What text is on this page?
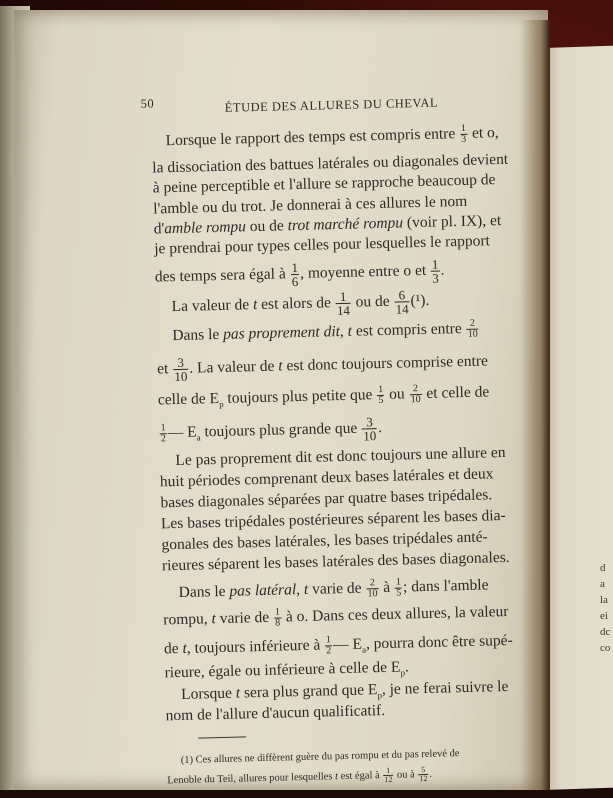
d
a
la
ei
dc
co
50	ÉTUDE DES ALLURES DU CHEVAL
Lorsque le rapport des temps est compris entre $\frac{1}{3}$ et o,
la dissociation des battues latérales ou diagonales devient
à peine perceptible et l'allure se rapproche beaucoup de
l'amble ou du trot. Je donnerai à ces allures le nom
d'amble rompu ou de trot marché rompu (voir pl. IX), et
je prendrai pour types celles pour lesquelles le rapport
des temps sera égal à $\frac{1}{6}$ , moyenne entre o et $\frac{1}{3}$ .
La valeur de t est alors de $\frac{1}{14}$ ou de $\frac{6}{14} (^1)$.
Dans le pas proprement dit, t est compris entre $\frac{2}{10}$
et $\frac{3}{10}$ . La valeur de t est donc toujours comprise entre
celle de $E_p$ toujours plus petite que $\frac{1}{5}$ ou $\frac{2}{10}$ et celle de
$\frac{1}{2}$ — $E_a$ toujours plus grande que $\frac{3}{10}$ .
Le pas proprement dit est donc toujours une allure en
huit périodes comprenant deux bases latérales et deux
bases diagonales séparées par quatre bases tripédales.
Les bases tripédales postérieures séparent les bases dia-
gonales des bases latérales, les bases tripédales anté-
rieures séparent les bases latérales des bases diagonales.
Dans le pas latéral, t varie de $\frac{2}{10}$ à $\frac{1}{5}$ ; dans l'amble
rompu, t varie de $\frac{1}{8}$ à o. Dans ces deux allures, la valeur
de t, toujours inférieure à $\frac{1}{2}$ — $E_a$, pourra donc être supé-
rieure, égale ou inférieure à celle de $E_p$.
Lorsque t sera plus grand que $E_p$, je ne ferai suivre le
nom de l'allure d'aucun qualificatif.
(1) Ces allures ne diffèrent guère du pas rompu et du pas relevé de
Lenoble du Teil, allures pour lesquelles t est égal à $\frac{1}{12}$ ou à $\frac{5}{12}$ .
